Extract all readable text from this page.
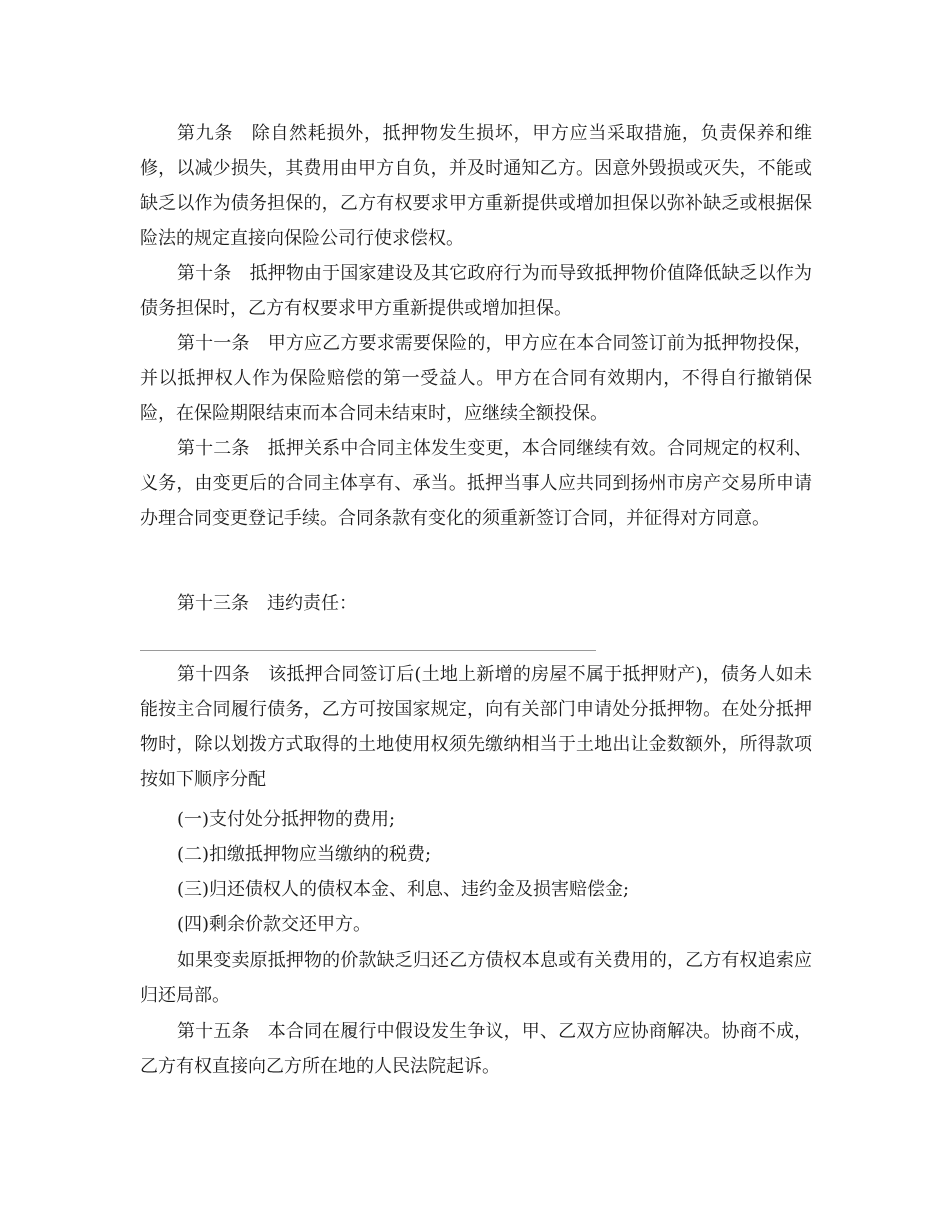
第九条　除自然耗损外，抵押物发生损坏，甲方应当采取措施，负责保养和维修，以减少损失，其费用由甲方自负，并及时通知乙方。因意外毁损或灭失，不能或缺乏以作为债务担保的，乙方有权要求甲方重新提供或增加担保以弥补缺乏或根据保险法的规定直接向保险公司行使求偿权。

第十条　抵押物由于国家建设及其它政府行为而导致抵押物价值降低缺乏以作为债务担保时，乙方有权要求甲方重新提供或增加担保。

第十一条　甲方应乙方要求需要保险的，甲方应在本合同签订前为抵押物投保，并以抵押权人作为保险赔偿的第一受益人。甲方在合同有效期内，不得自行撤销保险，在保险期限结束而本合同未结束时，应继续全额投保。

第十二条　抵押关系中合同主体发生变更，本合同继续有效。合同规定的权利、义务，由变更后的合同主体享有、承当。抵押当事人应共同到扬州市房产交易所申请办理合同变更登记手续。合同条款有变化的须重新签订合同，并征得对方同意。

第十三条　违约责任：

第十四条　该抵押合同签订后(土地上新增的房屋不属于抵押财产)，债务人如未能按主合同履行债务，乙方可按国家规定，向有关部门申请处分抵押物。在处分抵押物时，除以划拨方式取得的土地使用权须先缴纳相当于土地出让金数额外，所得款项按如下顺序分配

(一)支付处分抵押物的费用;

(二)扣缴抵押物应当缴纳的税费;

(三)归还债权人的债权本金、利息、违约金及损害赔偿金;

(四)剩余价款交还甲方。

如果变卖原抵押物的价款缺乏归还乙方债权本息或有关费用的，乙方有权追索应归还局部。

第十五条　本合同在履行中假设发生争议，甲、乙双方应协商解决。协商不成，乙方有权直接向乙方所在地的人民法院起诉。
